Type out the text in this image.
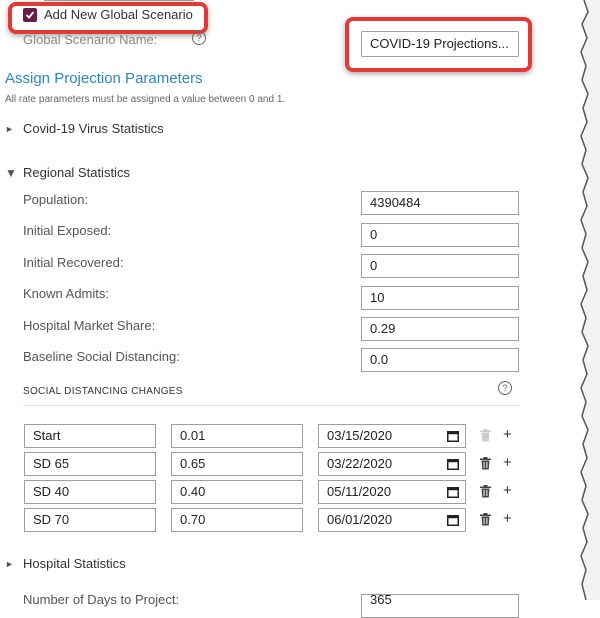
Add New Global Scenario
Global Scenario Name:	?	COVID-19 Projections...
Assign Projection Parameters
All rate parameters must be assigned a value between 0 and 1.
► Covid-19 Virus Statistics
▼ Regional Statistics
Population:	4390484
Initial Exposed:	0
Initial Recovered:	0
Known Admits:	10
Hospital Market Share:	0.29
Baseline Social Distancing:	0.0
SOCIAL DISTANCING CHANGES	?
Start	0.01	03/15/2020	+
SD 65	0.65	03/22/2020	+
SD 40	0.40	05/11/2020	+
SD 70	0.70	06/01/2020	+
► Hospital Statistics
Number of Days to Project:	365
